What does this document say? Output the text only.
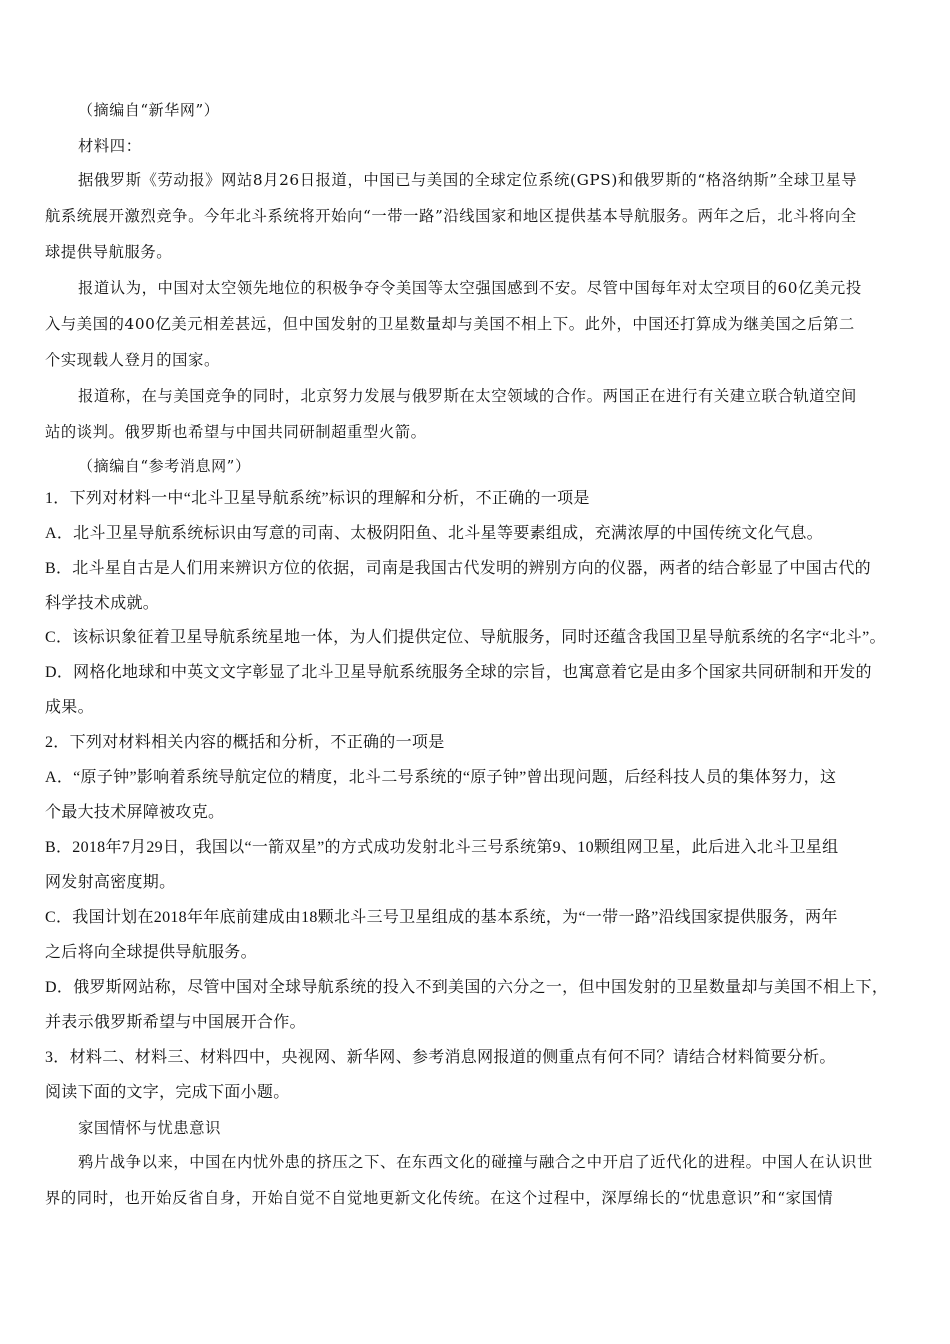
（摘编自“新华网”）

材料四：

据俄罗斯《劳动报》网站8月26日报道，中国已与美国的全球定位系统(GPS)和俄罗斯的“格洛纳斯”全球卫星导

航系统展开激烈竞争。今年北斗系统将开始向“一带一路”沿线国家和地区提供基本导航服务。两年之后，北斗将向全

球提供导航服务。

报道认为，中国对太空领先地位的积极争夺令美国等太空强国感到不安。尽管中国每年对太空项目的60亿美元投

入与美国的400亿美元相差甚远，但中国发射的卫星数量却与美国不相上下。此外，中国还打算成为继美国之后第二

个实现载人登月的国家。

报道称，在与美国竞争的同时，北京努力发展与俄罗斯在太空领域的合作。两国正在进行有关建立联合轨道空间

站的谈判。俄罗斯也希望与中国共同研制超重型火箭。

（摘编自“参考消息网”）

1．下列对材料一中“北斗卫星导航系统”标识的理解和分析，不正确的一项是

A．北斗卫星导航系统标识由写意的司南、太极阴阳鱼、北斗星等要素组成，充满浓厚的中国传统文化气息。

B．北斗星自古是人们用来辨识方位的依据，司南是我国古代发明的辨别方向的仪器，两者的结合彰显了中国古代的

科学技术成就。

C．该标识象征着卫星导航系统星地一体，为人们提供定位、导航服务，同时还蕴含我国卫星导航系统的名字“北斗”。

D．网格化地球和中英文文字彰显了北斗卫星导航系统服务全球的宗旨，也寓意着它是由多个国家共同研制和开发的

成果。

2．下列对材料相关内容的概括和分析，不正确的一项是

A．“原子钟”影响着系统导航定位的精度，北斗二号系统的“原子钟”曾出现问题，后经科技人员的集体努力，这

个最大技术屏障被攻克。

B．2018年7月29日，我国以“一箭双星”的方式成功发射北斗三号系统第9、10颗组网卫星，此后进入北斗卫星组

网发射高密度期。

C．我国计划在2018年年底前建成由18颗北斗三号卫星组成的基本系统，为“一带一路”沿线国家提供服务，两年

之后将向全球提供导航服务。

D．俄罗斯网站称，尽管中国对全球导航系统的投入不到美国的六分之一，但中国发射的卫星数量却与美国不相上下，

并表示俄罗斯希望与中国展开合作。

3．材料二、材料三、材料四中，央视网、新华网、参考消息网报道的侧重点有何不同？请结合材料简要分析。

阅读下面的文字，完成下面小题。

家国情怀与忧患意识

鸦片战争以来，中国在内忧外患的挤压之下、在东西文化的碰撞与融合之中开启了近代化的进程。中国人在认识世

界的同时，也开始反省自身，开始自觉不自觉地更新文化传统。在这个过程中，深厚绵长的“忧患意识”和“家国情
